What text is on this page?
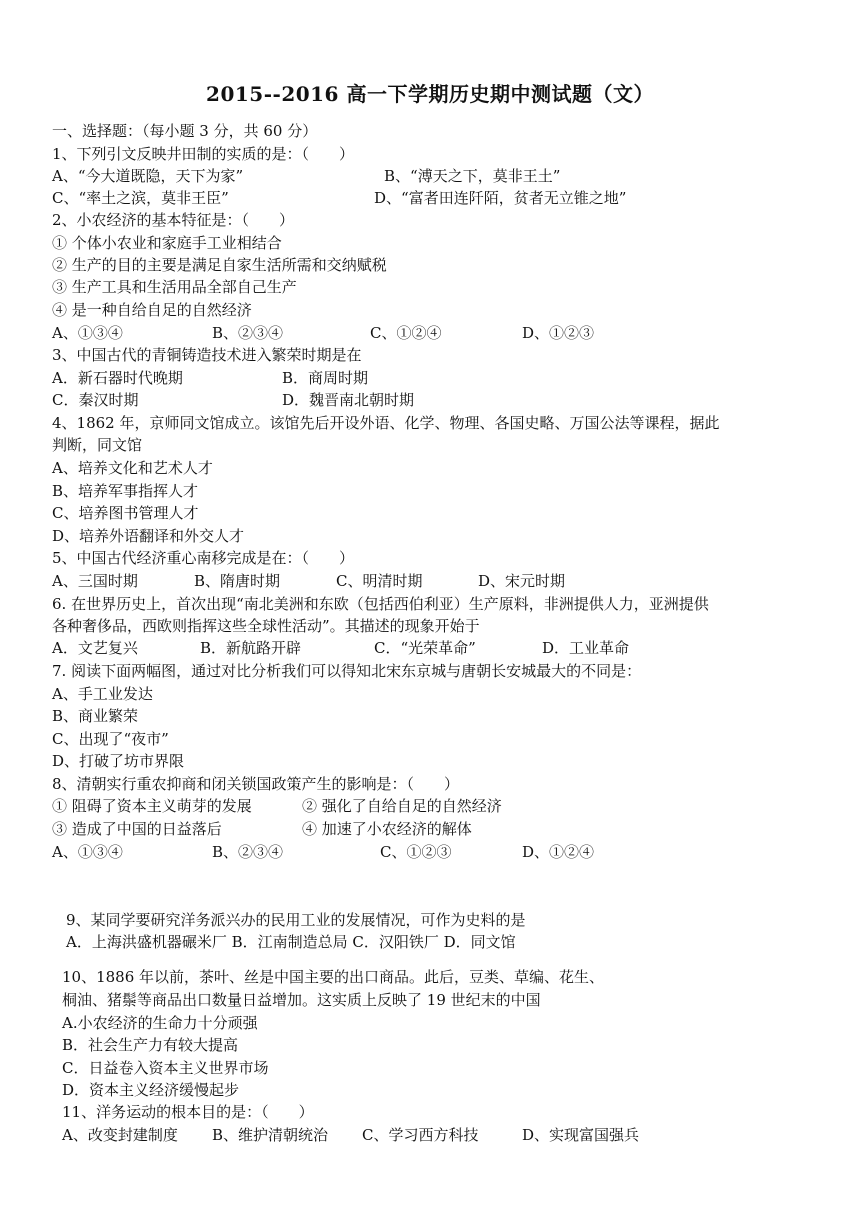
2015--2016 高一下学期历史期中测试题（文）
一、选择题：（每小题 3 分，共 60 分）
1、下列引文反映井田制的实质的是：（　　）
A、“今大道既隐，天下为家”	B、“溥天之下，莫非王土”
C、“率土之滨，莫非王臣”	D、“富者田连阡陌，贫者无立锥之地”
2、小农经济的基本特征是：（　　）
① 个体小农业和家庭手工业相结合
② 生产的目的主要是满足自家生活所需和交纳赋税
③ 生产工具和生活用品全部自己生产
④ 是一种自给自足的自然经济
A、①③④	B、②③④	C、①②④	D、①②③
3、中国古代的青铜铸造技术进入繁荣时期是在
A．新石器时代晚期	B．商周时期
C．秦汉时期	D．魏晋南北朝时期
4、1862 年，京师同文馆成立。该馆先后开设外语、化学、物理、各国史略、万国公法等课程，据此
判断，同文馆
A、培养文化和艺术人才
B、培养军事指挥人才
C、培养图书管理人才
D、培养外语翻译和外交人才
5、中国古代经济重心南移完成是在：（　　）
A、三国时期	B、隋唐时期	C、明清时期	D、宋元时期
6. 在世界历史上，首次出现“南北美洲和东欧（包括西伯利亚）生产原料，非洲提供人力，亚洲提供
各种奢侈品，西欧则指挥这些全球性活动”。其描述的现象开始于
A．文艺复兴	B．新航路开辟	C．“光荣革命”	D．工业革命
7. 阅读下面两幅图，通过对比分析我们可以得知北宋东京城与唐朝长安城最大的不同是：
A、手工业发达
B、商业繁荣
C、出现了“夜市”
D、打破了坊市界限
8、清朝实行重农抑商和闭关锁国政策产生的影响是：（　　）
① 阻碍了资本主义萌芽的发展	② 强化了自给自足的自然经济
③ 造成了中国的日益落后	④ 加速了小农经济的解体
A、①③④	B、②③④	C、①②③	D、①②④
9、某同学要研究洋务派兴办的民用工业的发展情况，可作为史料的是
A．上海洪盛机器碾米厂 B．江南制造总局 C．汉阳铁厂 D．同文馆
10、1886 年以前，茶叶、丝是中国主要的出口商品。此后，豆类、草编、花生、
桐油、猪鬃等商品出口数量日益增加。这实质上反映了 19 世纪末的中国
A.小农经济的生命力十分顽强
B．社会生产力有较大提高
C．日益卷入资本主义世界市场
D．资本主义经济缓慢起步
11、洋务运动的根本目的是：（　　）
A、改变封建制度 B、维护清朝统治 C、学习西方科技	D、实现富国强兵
